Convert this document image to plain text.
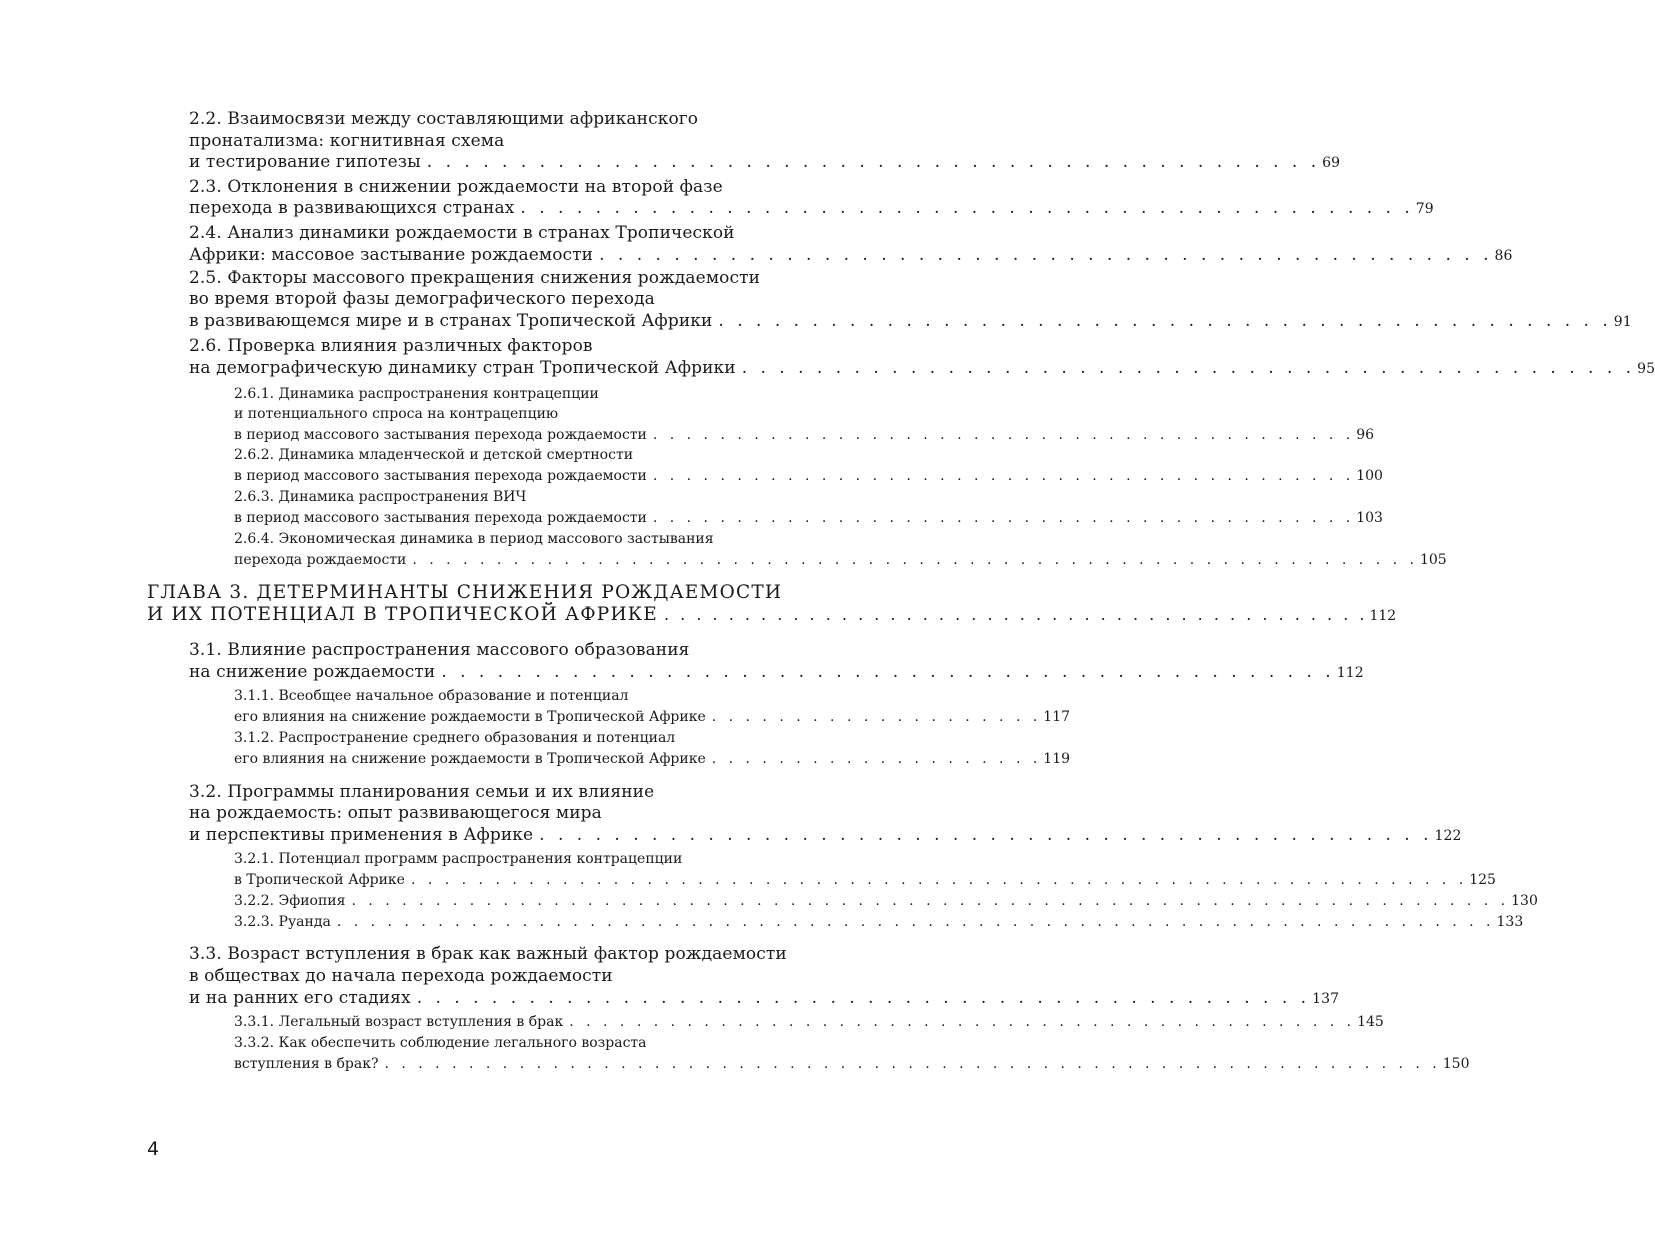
2.2. Взаимосвязи между составляющими африканского
пронатализма: когнитивная схема
и тестирование гипотезы . . . . . . . . . . . . . . . . . . . . . . . . . . . . . . . . . . . . . . . . . . . . . . . . 69
2.3. Отклонения в снижении рождаемости на второй фазе
перехода в развивающихся странах . . . . . . . . . . . . . . . . . . . . . . . . . . . . . . . . . . . . . . . . . . . . . . . . 79
2.4. Анализ динамики рождаемости в странах Тропической
Африки: массовое застывание рождаемости . . . . . . . . . . . . . . . . . . . . . . . . . . . . . . . . . . . . . . . . . . . . . . . . 86
2.5. Факторы массового прекращения снижения рождаемости
во время второй фазы демографического перехода
в развивающемся мире и в странах Тропической Африки . . . . . . . . . . . . . . . . . . . . . . . . . . . . . . . . . . . . . . . . . . . . . . . . 91
2.6. Проверка влияния различных факторов
на демографическую динамику стран Тропической Африки . . . . . . . . . . . . . . . . . . . . . . . . . . . . . . . . . . . . . . . . . . . . . . . . 95
2.6.1. Динамика распространения контрацепции
и потенциального спроса на контрацепцию
в период массового застывания перехода рождаемости . . . . . . . . . . . . . . . . . . . . . . . . . . . . . . . . . . . . . . . . . . 96
2.6.2. Динамика младенческой и детской смертности
в период массового застывания перехода рождаемости . . . . . . . . . . . . . . . . . . . . . . . . . . . . . . . . . . . . . . . . . . 100
2.6.3. Динамика распространения ВИЧ
в период массового застывания перехода рождаемости . . . . . . . . . . . . . . . . . . . . . . . . . . . . . . . . . . . . . . . . . . 103
2.6.4. Экономическая динамика в период массового застывания
перехода рождаемости . . . . . . . . . . . . . . . . . . . . . . . . . . . . . . . . . . . . . . . . . . . . . . . . . . . . . . . . . . . . 105
ГЛАВА 3. ДЕТЕРМИНАНТЫ СНИЖЕНИЯ РОЖДАЕМОСТИ
И ИХ ПОТЕНЦИАЛ В ТРОПИЧЕСКОЙ АФРИКЕ . . . . . . . . . . . . . . . . . . . . . . . . . . . . . . . . . . . . . . . . . . . . 112
3.1. Влияние распространения массового образования
на снижение рождаемости . . . . . . . . . . . . . . . . . . . . . . . . . . . . . . . . . . . . . . . . . . . . . . . . 112
3.1.1. Всеобщее начальное образование и потенциал
его влияния на снижение рождаемости в Тропической Африке . . . . . . . . . . . . . . . . . . . . 117
3.1.2. Распространение среднего образования и потенциал
его влияния на снижение рождаемости в Тропической Африке . . . . . . . . . . . . . . . . . . . . 119
3.2. Программы планирования семьи и их влияние
на рождаемость: опыт развивающегося мира
и перспективы применения в Африке . . . . . . . . . . . . . . . . . . . . . . . . . . . . . . . . . . . . . . . . . . . . . . . . 122
3.2.1. Потенциал программ распространения контрацепции
в Тропической Африке . . . . . . . . . . . . . . . . . . . . . . . . . . . . . . . . . . . . . . . . . . . . . . . . . . . . . . . . . . . . . . . 125
3.2.2. Эфиопия . . . . . . . . . . . . . . . . . . . . . . . . . . . . . . . . . . . . . . . . . . . . . . . . . . . . . . . . . . . . . . . . . . . . . 130
3.2.3. Руанда . . . . . . . . . . . . . . . . . . . . . . . . . . . . . . . . . . . . . . . . . . . . . . . . . . . . . . . . . . . . . . . . . . . . . 133
3.3. Возраст вступления в брак как важный фактор рождаемости
в обществах до начала перехода рождаемости
и на ранних его стадиях . . . . . . . . . . . . . . . . . . . . . . . . . . . . . . . . . . . . . . . . . . . . . . . . 137
3.3.1. Легальный возраст вступления в брак . . . . . . . . . . . . . . . . . . . . . . . . . . . . . . . . . . . . . . . . . . . . . . . 145
3.3.2. Как обеспечить соблюдение легального возраста
вступления в брак? . . . . . . . . . . . . . . . . . . . . . . . . . . . . . . . . . . . . . . . . . . . . . . . . . . . . . . . . . . . . . . . 150
4
